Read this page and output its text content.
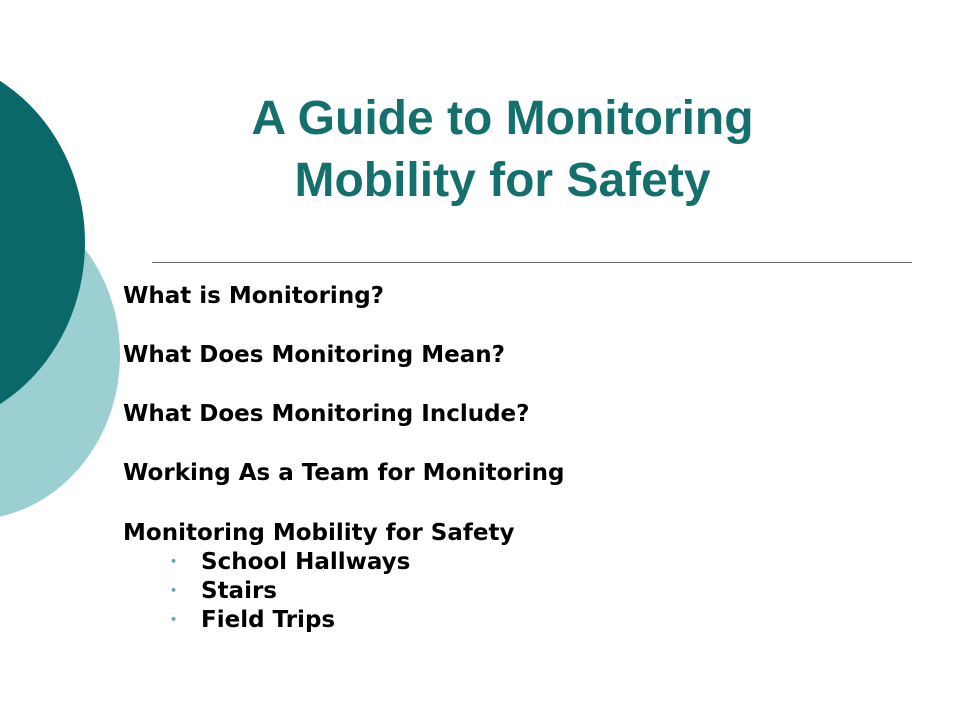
A Guide to Monitoring
Mobility for Safety

What is Monitoring?

What Does Monitoring Mean?

What Does Monitoring Include?

Working As a Team for Monitoring

Monitoring Mobility for Safety

•	School Hallways
•	Stairs
•	Field Trips
